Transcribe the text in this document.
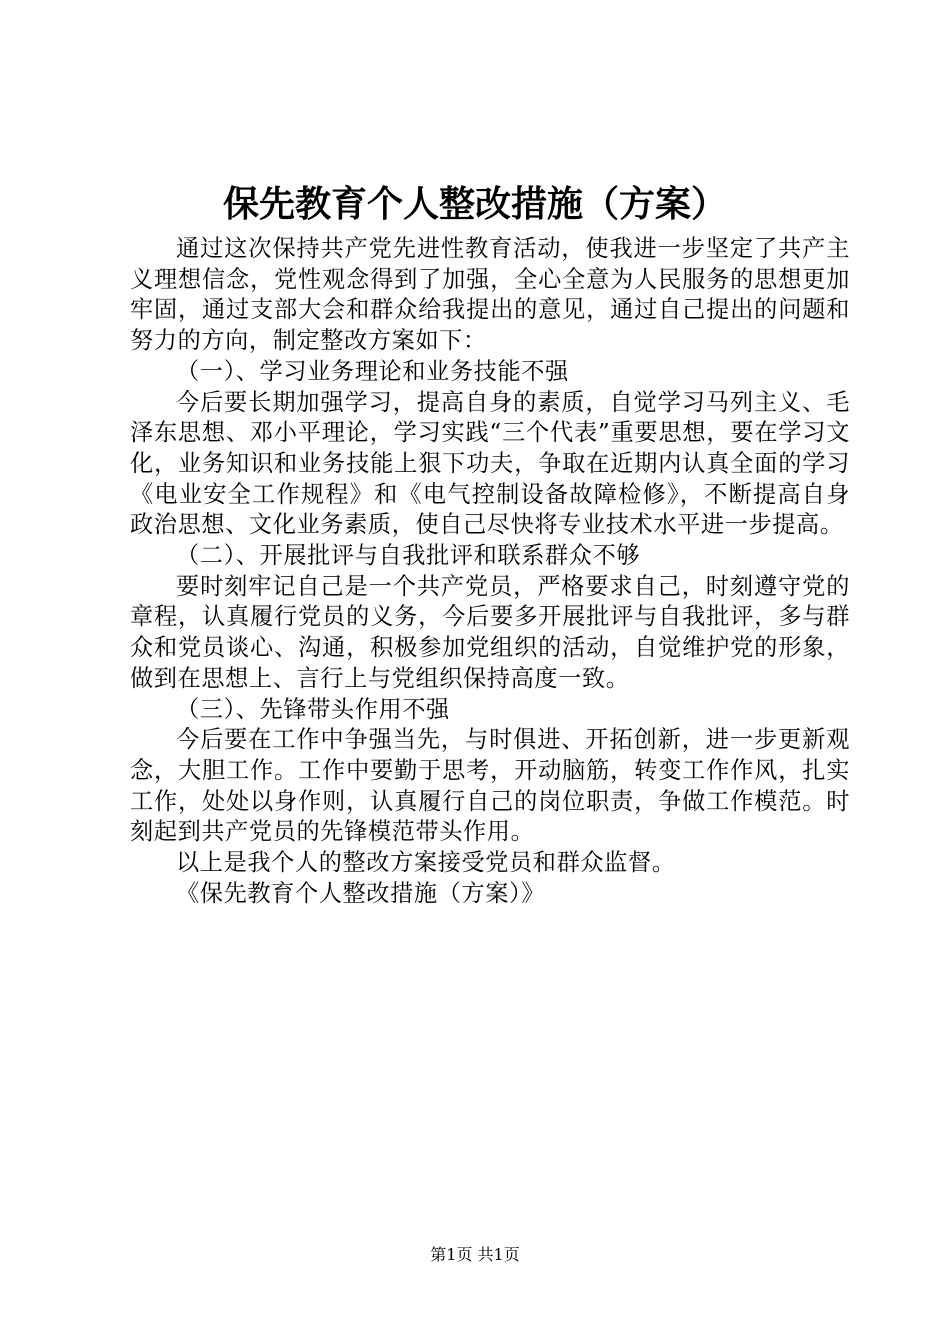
保先教育个人整改措施（方案）

通过这次保持共产党先进性教育活动，使我进一步坚定了共产主义理想信念，党性观念得到了加强，全心全意为人民服务的思想更加牢固，通过支部大会和群众给我提出的意见，通过自己提出的问题和努力的方向，制定整改方案如下：

（一）、学习业务理论和业务技能不强

今后要长期加强学习，提高自身的素质，自觉学习马列主义、毛泽东思想、邓小平理论，学习实践“三个代表”重要思想，要在学习文化，业务知识和业务技能上狠下功夫，争取在近期内认真全面的学习《电业安全工作规程》和《电气控制设备故障检修》，不断提高自身政治思想、文化业务素质，使自己尽快将专业技术水平进一步提高。

（二）、开展批评与自我批评和联系群众不够

要时刻牢记自己是一个共产党员，严格要求自己，时刻遵守党的章程，认真履行党员的义务，今后要多开展批评与自我批评，多与群众和党员谈心、沟通，积极参加党组织的活动，自觉维护党的形象，做到在思想上、言行上与党组织保持高度一致。

（三）、先锋带头作用不强

今后要在工作中争强当先，与时俱进、开拓创新，进一步更新观念，大胆工作。工作中要勤于思考，开动脑筋，转变工作作风，扎实工作，处处以身作则，认真履行自己的岗位职责，争做工作模范。时刻起到共产党员的先锋模范带头作用。

以上是我个人的整改方案接受党员和群众监督。

《保先教育个人整改措施（方案）》

第1页 共1页
